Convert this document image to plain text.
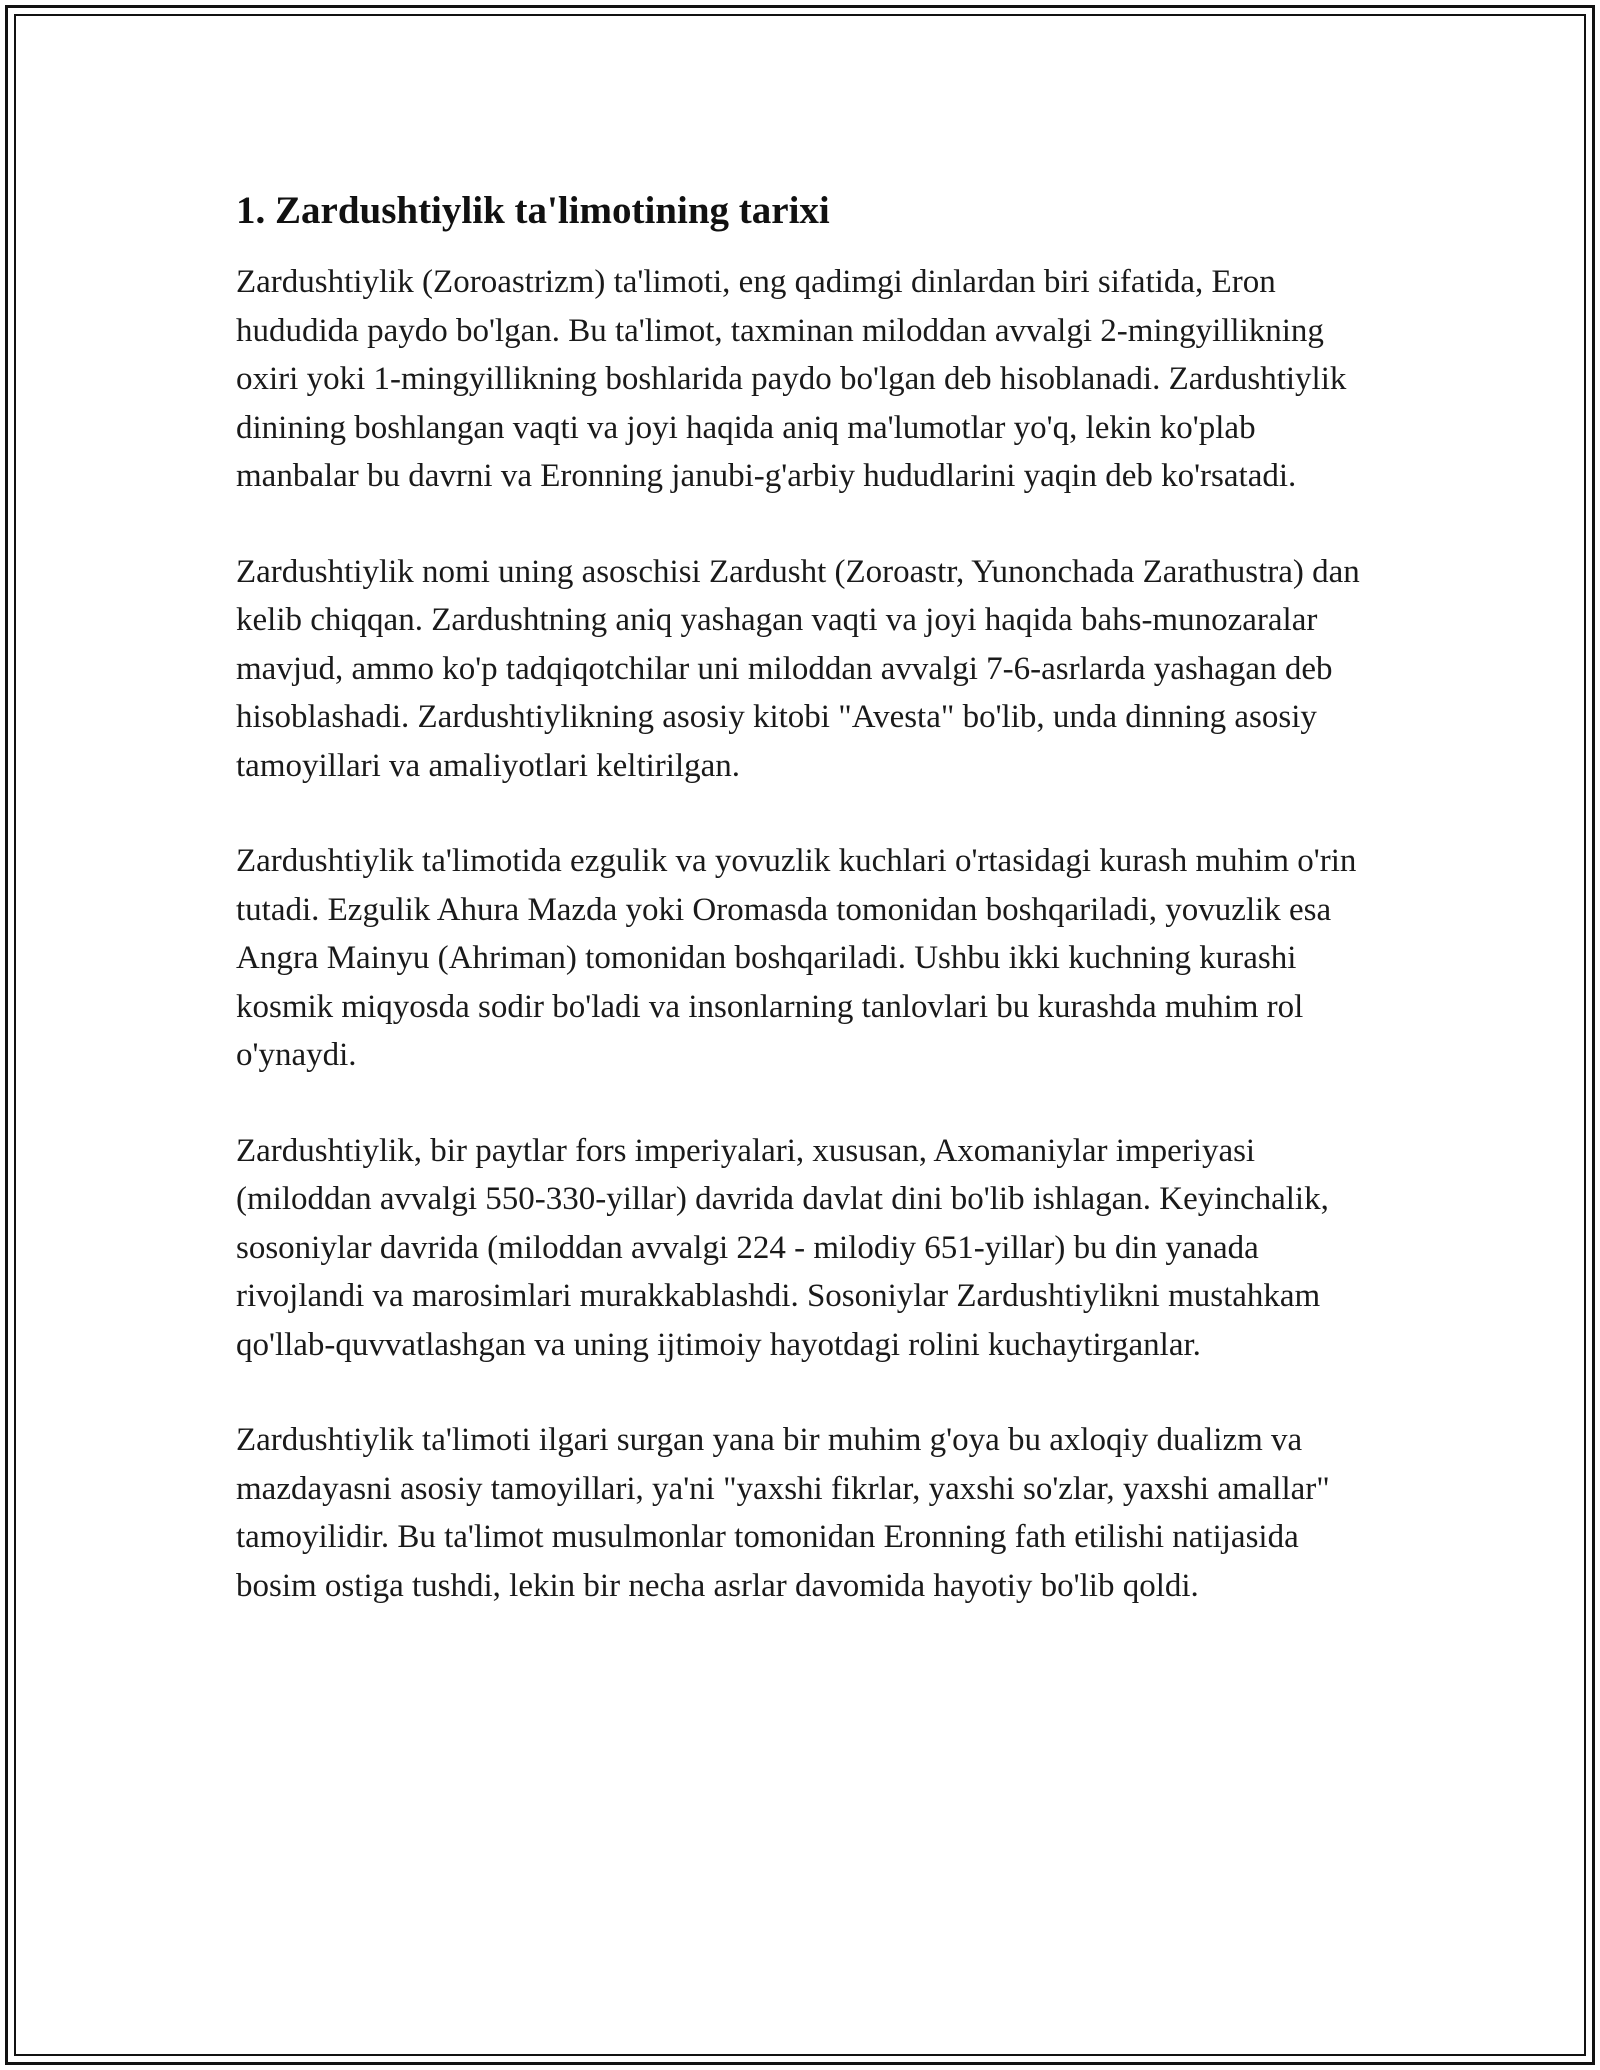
1. Zardushtiylik ta'limotining tarixi

Zardushtiylik (Zoroastrizm) ta'limoti, eng qadimgi dinlardan biri sifatida, Eron hududida paydo bo'lgan. Bu ta'limot, taxminan miloddan avvalgi 2-mingyillikning oxiri yoki 1-mingyillikning boshlarida paydo bo'lgan deb hisoblanadi. Zardushtiylik dinining boshlangan vaqti va joyi haqida aniq ma'lumotlar yo'q, lekin ko'plab manbalar bu davrni va Eronning janubi-g'arbiy hududlarini yaqin deb ko'rsatadi.

Zardushtiylik nomi uning asoschisi Zardusht (Zoroastr, Yunonchada Zarathustra) dan kelib chiqqan. Zardushtning aniq yashagan vaqti va joyi haqida bahs-munozaralar mavjud, ammo ko'p tadqiqotchilar uni miloddan avvalgi 7-6-asrlarda yashagan deb hisoblashadi. Zardushtiylikning asosiy kitobi "Avesta" bo'lib, unda dinning asosiy tamoyillari va amaliyotlari keltirilgan.

Zardushtiylik ta'limotida ezgulik va yovuzlik kuchlari o'rtasidagi kurash muhim o'rin tutadi. Ezgulik Ahura Mazda yoki Oromasda tomonidan boshqariladi, yovuzlik esa Angra Mainyu (Ahriman) tomonidan boshqariladi. Ushbu ikki kuchning kurashi kosmik miqyosda sodir bo'ladi va insonlarning tanlovlari bu kurashda muhim rol o'ynaydi.

Zardushtiylik, bir paytlar fors imperiyalari, xususan, Axomaniylar imperiyasi (miloddan avvalgi 550-330-yillar) davrida davlat dini bo'lib ishlagan. Keyinchalik, sosoniylar davrida (miloddan avvalgi 224 - milodiy 651-yillar) bu din yanada rivojlandi va marosimlari murakkablashdi. Sosoniylar Zardushtiylikni mustahkam qo'llab-quvvatlashgan va uning ijtimoiy hayotdagi rolini kuchaytirganlar.

Zardushtiylik ta'limoti ilgari surgan yana bir muhim g'oya bu axloqiy dualizm va mazdayasni asosiy tamoyillari, ya'ni "yaxshi fikrlar, yaxshi so'zlar, yaxshi amallar" tamoyilidir. Bu ta'limot musulmonlar tomonidan Eronning fath etilishi natijasida bosim ostiga tushdi, lekin bir necha asrlar davomida hayotiy bo'lib qoldi.
